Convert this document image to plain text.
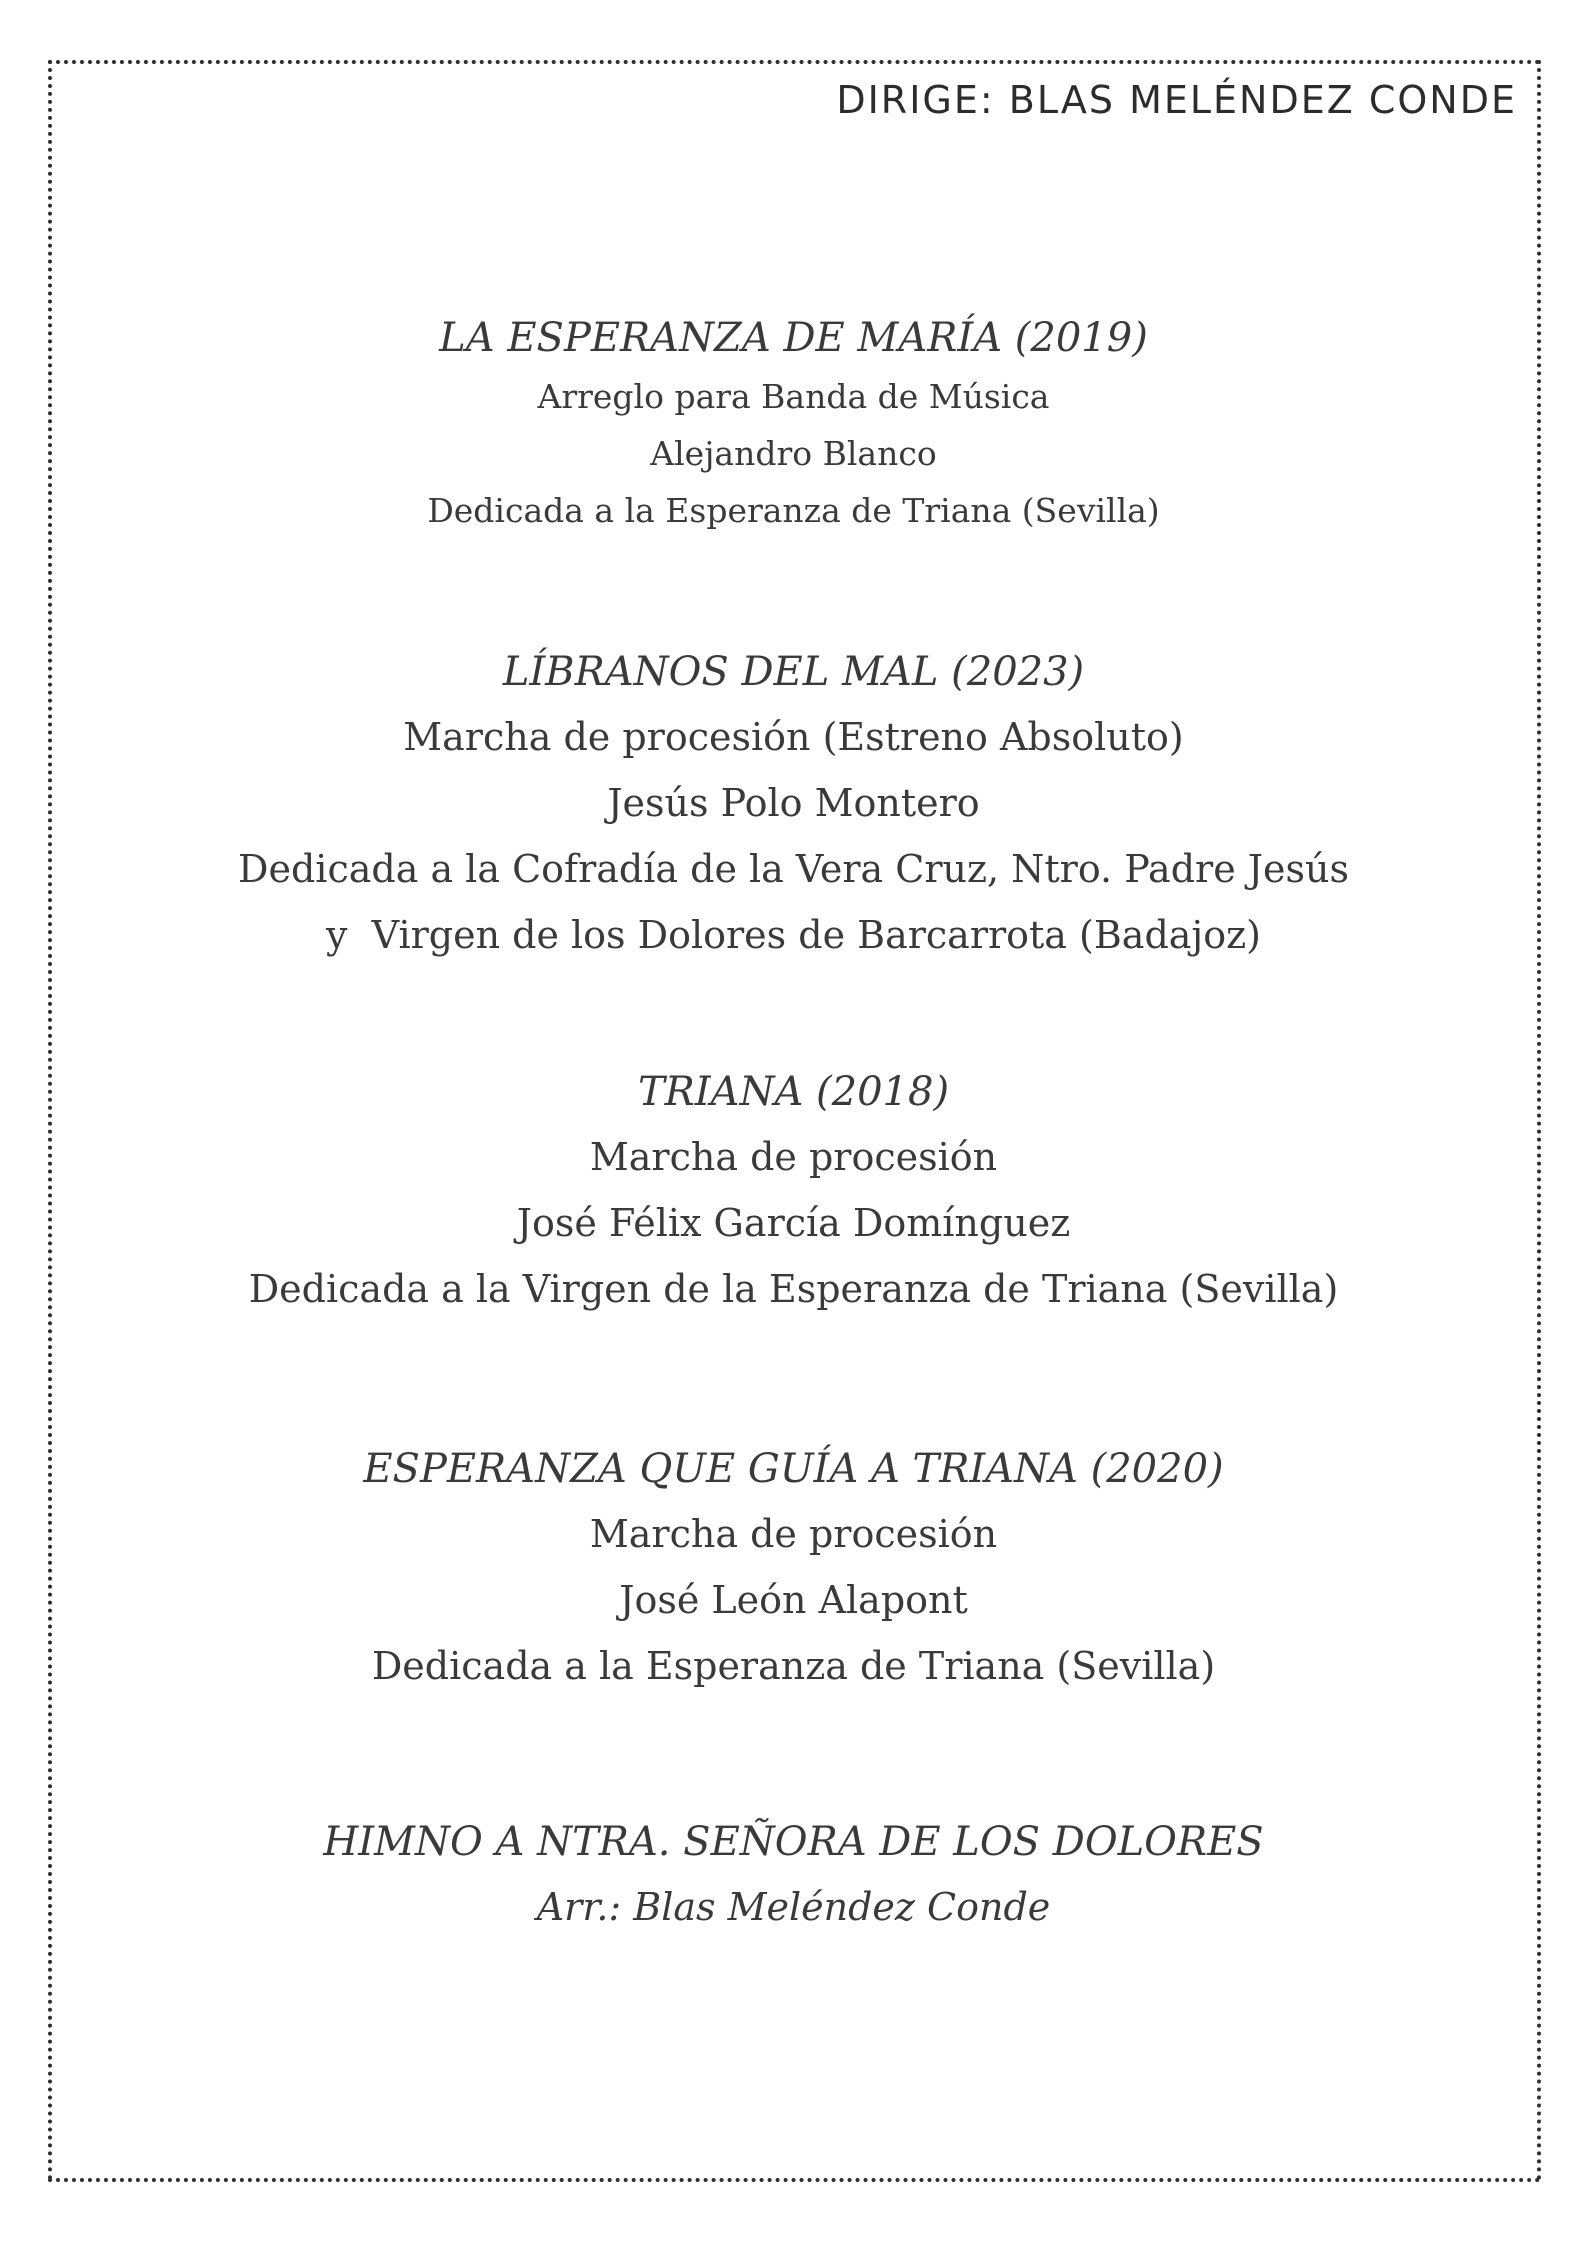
DIRIGE: BLAS MELÉNDEZ CONDE
LA ESPERANZA DE MARÍA (2019)
Arreglo para Banda de Música
Alejandro Blanco
Dedicada a la Esperanza de Triana (Sevilla)
LÍBRANOS DEL MAL (2023)
Marcha de procesión (Estreno Absoluto)
Jesús Polo Montero
Dedicada a la Cofradía de la Vera Cruz, Ntro. Padre Jesús
y  Virgen de los Dolores de Barcarrota (Badajoz)
TRIANA (2018)
Marcha de procesión
José Félix García Domínguez
Dedicada a la Virgen de la Esperanza de Triana (Sevilla)
ESPERANZA QUE GUÍA A TRIANA (2020)
Marcha de procesión
José León Alapont
Dedicada a la Esperanza de Triana (Sevilla)
HIMNO A NTRA. SEÑORA DE LOS DOLORES
Arr.: Blas Meléndez Conde
